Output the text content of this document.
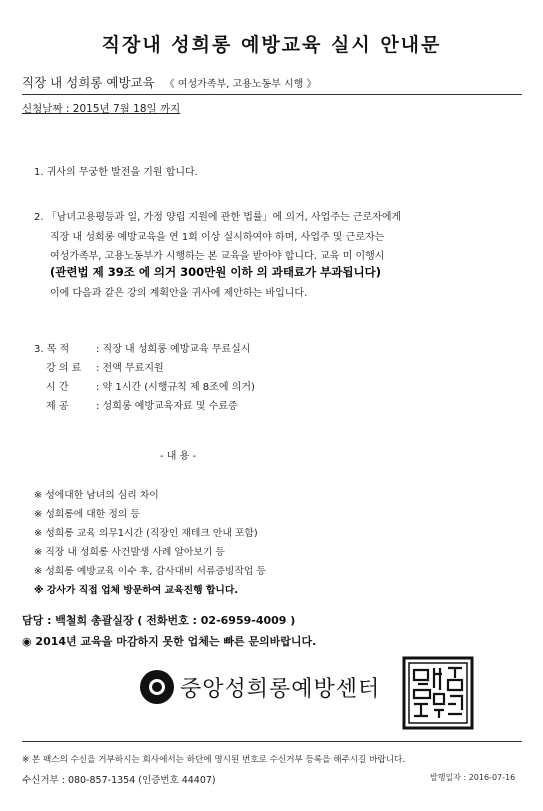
직장내 성희롱 예방교육 실시 안내문
직장 내 성희롱 예방교육 《 여성가족부, 고용노동부 시행 》
신청날짜 : 2015년 7월 18일 까지
1. 귀사의 무궁한 발전을 기원 합니다.
2. 「남녀고용평등과 일, 가정 양립 지원에 관한 법률」에 의거, 사업주는 근로자에게
직장 내 성희롱 예방교육을 연 1회 이상 실시하여야 하며, 사업주 및 근로자는
여성가족부, 고용노동부가 시행하는 본 교육을 받아야 합니다. 교육 미 이행시
(관련법 제 39조 에 의거 300만원 이하 의 과태료가 부과됩니다)
이에 다음과 같은 강의 계획안을 귀사에 제안하는 바입니다.
3. 목 적	: 직장 내 성희롱 예방교육 무료실시
강 의 료 : 전액 무료지원
시 간	: 약 1시간 (시행규칙 제 8조에 의거)
제 공	: 성희롱 예방교육자료 및 수료증
- 내 용 -
※ 성에대한 남녀의 심리 차이
※ 성희롱에 대한 정의 등
※ 성희롱 교육 의무1시간 (직장인 재테크 안내 포함)
※ 직장 내 성희롱 사건발생 사례 알아보기 등
※ 성희롱 예방교육 이수 후, 감사대비 서류증빙작업 등
※ 강사가 직접 업체 방문하여 교육진행 합니다.
담당 : 백철희 총괄실장 ( 전화번호 : 02-6959-4009 )
◉ 2014년 교육을 마감하지 못한 업체는 빠른 문의바랍니다.
중앙성희롱예방센터
※ 본 팩스의 수신을 거부하시는 회사에서는 하단에 명시된 번호로 수신거부 등록을 해주시길 바랍니다.
수신거부 : 080-857-1354 (인증번호 44407)	발행일자 : 2016-07-16
